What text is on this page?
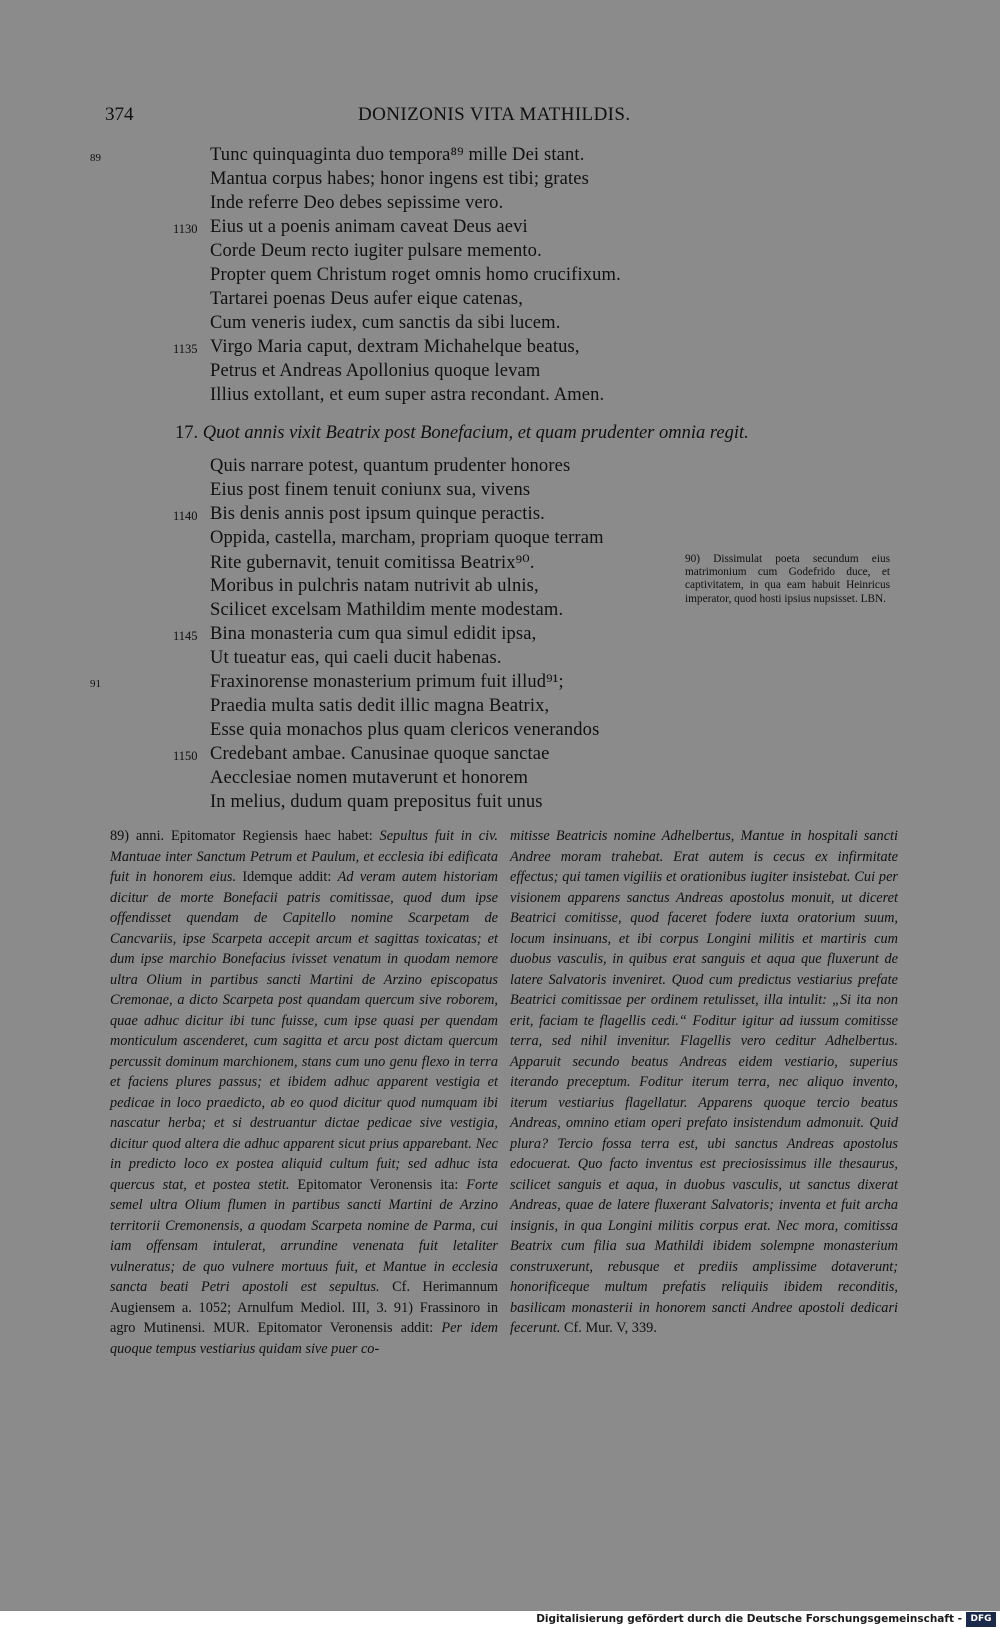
374	DONIZONIS VITA MATHILDIS.
89
91
Tunc quinquaginta duo tempora⁸⁹ mille Dei stant.
Mantua corpus habes; honor ingens est tibi; grates
Inde referre Deo debes sepissime vero.
1130 Eius ut a poenis animam caveat Deus aevi
Corde Deum recto iugiter pulsare memento.
Propter quem Christum roget omnis homo crucifixum.
Tartarei poenas Deus aufer eique catenas,
Cum veneris iudex, cum sanctis da sibi lucem.
1135 Virgo Maria caput, dextram Michahelque beatus,
Petrus et Andreas Apollonius quoque levam
Illius extollant, et eum super astra recondant. Amen.
17. Quot annis vixit Beatrix post Bonefacium, et quam prudenter omnia regit.
Quis narrare potest, quantum prudenter honores
Eius post finem tenuit coniunx sua, vivens
1140 Bis denis annis post ipsum quinque peractis.
Oppida, castella, marcham, propriam quoque terram
Rite gubernavit, tenuit comitissa Beatrix⁹⁰.
Moribus in pulchris natam nutrivit ab ulnis,
Scilicet excelsam Mathildim mente modestam.
1145 Bina monasteria cum qua simul edidit ipsa,
Ut tueatur eas, qui caeli ducit habenas.
Fraxinorense monasterium primum fuit illud⁹¹;
Praedia multa satis dedit illic magna Beatrix,
Esse quia monachos plus quam clericos venerandos
1150 Credebant ambae. Canusinae quoque sanctae
Aecclesiae nomen mutaverunt et honorem
In melius, dudum quam prepositus fuit unus
90) Dissimulat poeta secundum eius matrimonium cum Godefrido duce, et captivitatem, in qua eam habuit Heinricus imperator, quod hosti ipsius nupsisset. LBN.
89) anni. Epitomator Regiensis haec habet: Sepultus fuit in civ. Mantuae inter Sanctum Petrum et Paulum, et ecclesia ibi edificata fuit in honorem eius. Idemque addit: Ad veram autem historiam dicitur de morte Bonefacii patris comitissae, quod dum ipse offendisset quendam de Capitello nomine Scarpetam de Cancvariis, ipse Scarpeta accepit arcum et sagittas toxicatas; et dum ipse marchio Bonefacius ivisset venatum in quodam nemore ultra Olium in partibus sancti Martini de Arzino episcopatus Cremonae, a dicto Scarpeta post quandam quercum sive roborem, quae adhuc dicitur ibi tunc fuisse, cum ipse quasi per quendam monticulum ascenderet, cum sagitta et arcu post dictam quercum percussit dominum marchionem, stans cum uno genu flexo in terra et faciens plures passus; et ibidem adhuc apparent vestigia et pedicae in loco praedicto, ab eo quod dicitur quod numquam ibi nascatur herba; et si destruantur dictae pedicae sive vestigia, dicitur quod altera die adhuc apparent sicut prius apparebant. Nec in predicto loco ex postea aliquid cultum fuit; sed adhuc ista quercus stat, et postea stetit. Epitomator Veronensis ita: Forte semel ultra Olium flumen in partibus sancti Martini de Arzino territorii Cremonensis, a quodam Scarpeta nomine de Parma, cui iam offensam intulerat, arrundine venenata fuit letaliter vulneratus; de quo vulnere mortuus fuit, et Mantue in ecclesia sancta beati Petri apostoli est sepultus. Cf. Herimannum Augiensem a. 1052; Arnulfum Mediol. III, 3. 91) Frassinoro in agro Mutinensi. MUR. Epitomator Veronensis addit: Per idem quoque tempus vestiarius quidam sive puer co-
mitisse Beatricis nomine Adhelbertus, Mantue in hospitali sancti Andree moram trahebat. Erat autem is cecus ex infirmitate effectus; qui tamen vigiliis et orationibus iugiter insistebat. Cui per visionem apparens sanctus Andreas apostolus monuit, ut diceret Beatrici comitisse, quod faceret fodere iuxta oratorium suum, locum insinuans, et ibi corpus Longini militis et martiris cum duobus vasculis, in quibus erat sanguis et aqua que fluxerunt de latere Salvatoris inveniret. Quod cum predictus vestiarius prefate Beatrici comitissae per ordinem retulisset, illa intulit: „Si ita non erit, faciam te flagellis cedi.“ Foditur igitur ad iussum comitisse terra, sed nihil invenitur. Flagellis vero ceditur Adhelbertus. Apparuit secundo beatus Andreas eidem vestiario, superius iterando preceptum. Foditur iterum terra, nec aliquo invento, iterum vestiarius flagellatur. Apparens quoque tercio beatus Andreas, omnino etiam operi prefato insistendum admonuit. Quid plura? Tercio fossa terra est, ubi sanctus Andreas apostolus edocuerat. Quo facto inventus est preciosissimus ille thesaurus, scilicet sanguis et aqua, in duobus vasculis, ut sanctus dixerat Andreas, quae de latere fluxerant Salvatoris; inventa et fuit archa insignis, in qua Longini militis corpus erat. Nec mora, comitissa Beatrix cum filia sua Mathildi ibidem solempne monasterium construxerunt, rebusque et prediis amplissime dotaverunt; honorificeque multum prefatis reliquiis ibidem reconditis, basilicam monasterii in honorem sancti Andree apostoli dedicari fecerunt. Cf. Mur. V, 339.
Digitalisierung gefördert durch die Deutsche Forschungsgemeinschaft - DFG
